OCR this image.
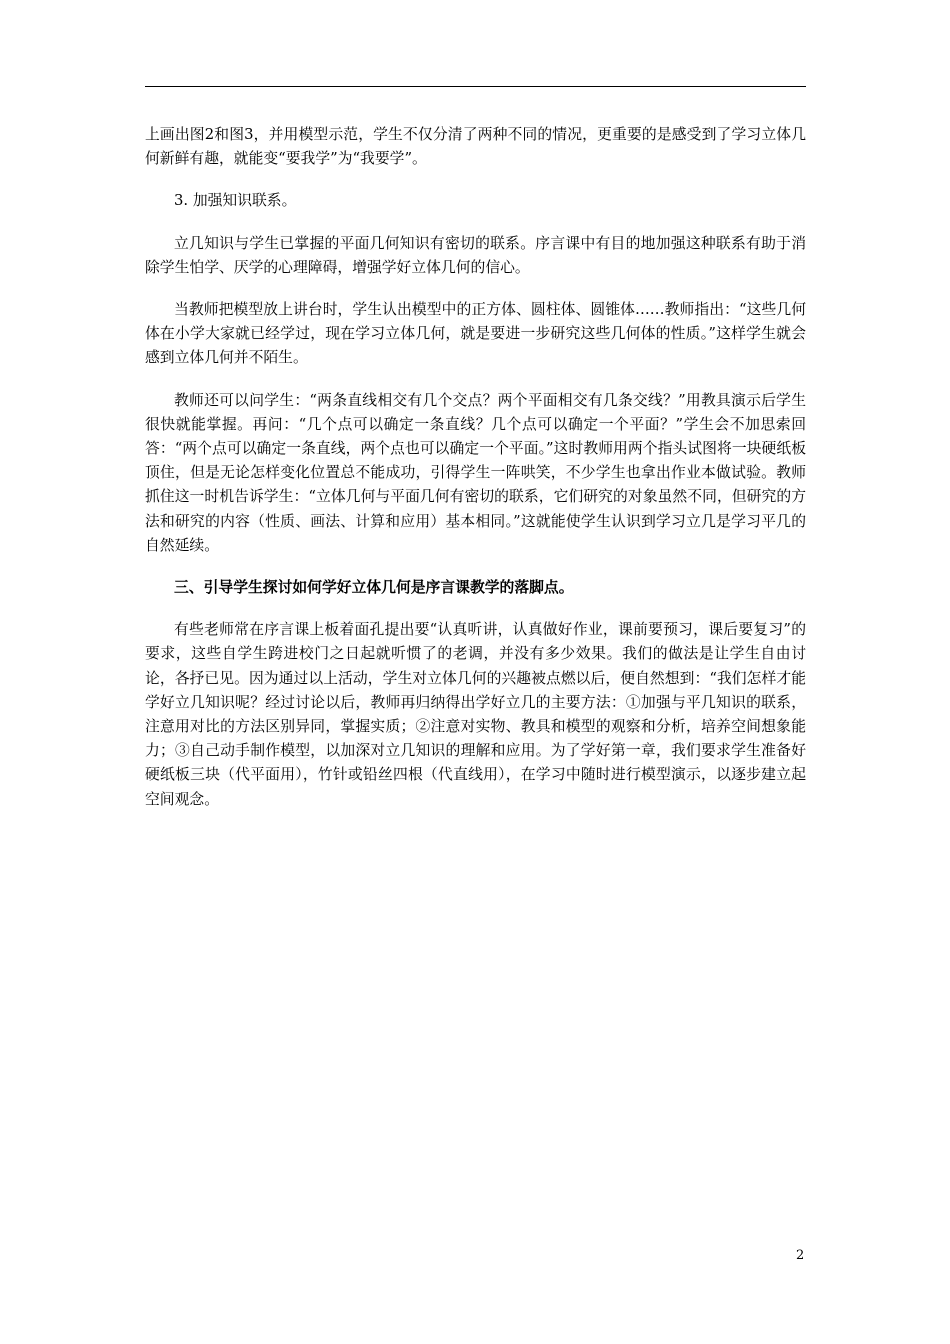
上画出图2和图3，并用模型示范，学生不仅分清了两种不同的情况，更重要的是感受到了学习立体几何新鲜有趣，就能变“要我学”为“我要学”。

3. 加强知识联系。

立几知识与学生已掌握的平面几何知识有密切的联系。序言课中有目的地加强这种联系有助于消除学生怕学、厌学的心理障碍，增强学好立体几何的信心。

当教师把模型放上讲台时，学生认出模型中的正方体、圆柱体、圆锥体……教师指出：“这些几何体在小学大家就已经学过，现在学习立体几何，就是要进一步研究这些几何体的性质。”这样学生就会感到立体几何并不陌生。

教师还可以问学生：“两条直线相交有几个交点？两个平面相交有几条交线？”用教具演示后学生很快就能掌握。再问：“几个点可以确定一条直线？几个点可以确定一个平面？”学生会不加思索回答：“两个点可以确定一条直线，两个点也可以确定一个平面。”这时教师用两个指头试图将一块硬纸板顶住，但是无论怎样变化位置总不能成功，引得学生一阵哄笑，不少学生也拿出作业本做试验。教师抓住这一时机告诉学生：“立体几何与平面几何有密切的联系，它们研究的对象虽然不同，但研究的方法和研究的内容（性质、画法、计算和应用）基本相同。”这就能使学生认识到学习立几是学习平几的自然延续。

三、引导学生探讨如何学好立体几何是序言课教学的落脚点。

有些老师常在序言课上板着面孔提出要“认真听讲，认真做好作业，课前要预习，课后要复习”的要求，这些自学生跨进校门之日起就听惯了的老调，并没有多少效果。我们的做法是让学生自由讨论，各抒已见。因为通过以上活动，学生对立体几何的兴趣被点燃以后，便自然想到：“我们怎样才能学好立几知识呢？经过讨论以后，教师再归纳得出学好立几的主要方法：①加强与平几知识的联系，注意用对比的方法区别异同，掌握实质；②注意对实物、教具和模型的观察和分析，培养空间想象能力；③自己动手制作模型，以加深对立几知识的理解和应用。为了学好第一章，我们要求学生准备好硬纸板三块（代平面用），竹针或铅丝四根（代直线用），在学习中随时进行模型演示，以逐步建立起空间观念。

2
